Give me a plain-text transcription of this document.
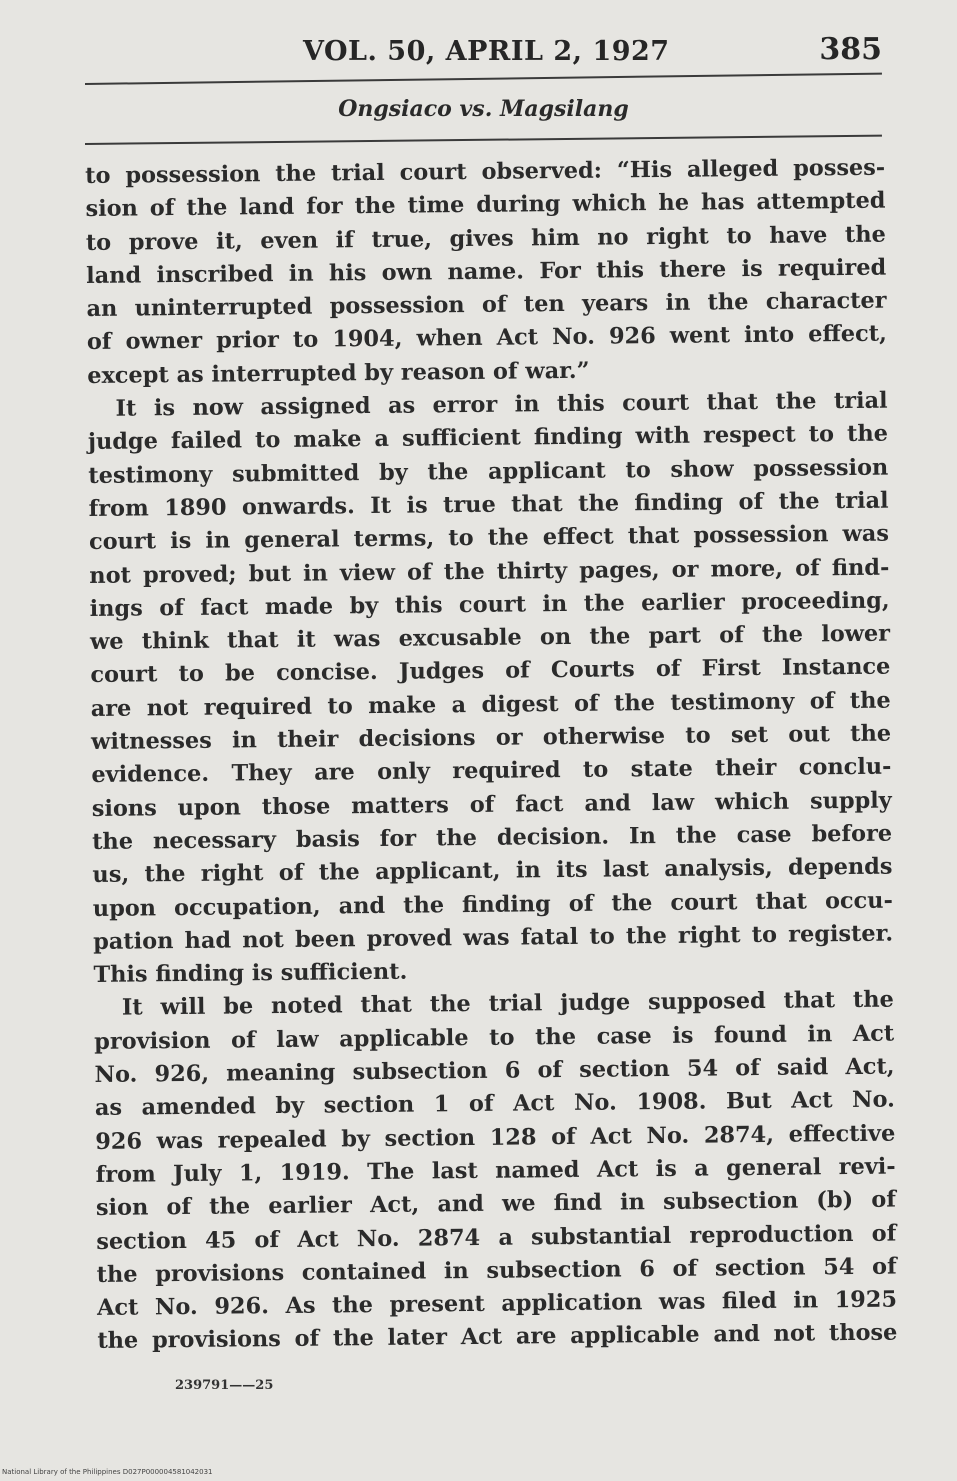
VOL. 50, APRIL 2, 1927	385
Ongsiaco vs. Magsilang
to possession the trial court observed: “His alleged posses-
sion of the land for the time during which he has attempted
to prove it, even if true, gives him no right to have the
land inscribed in his own name. For this there is required
an uninterrupted possession of ten years in the character
of owner prior to 1904, when Act No. 926 went into effect,
except as interrupted by reason of war.”
It is now assigned as error in this court that the trial
judge failed to make a sufficient finding with respect to the
testimony submitted by the applicant to show possession
from 1890 onwards. It is true that the finding of the trial
court is in general terms, to the effect that possession was
not proved; but in view of the thirty pages, or more, of find-
ings of fact made by this court in the earlier proceeding,
we think that it was excusable on the part of the lower
court to be concise. Judges of Courts of First Instance
are not required to make a digest of the testimony of the
witnesses in their decisions or otherwise to set out the
evidence. They are only required to state their conclu-
sions upon those matters of fact and law which supply
the necessary basis for the decision. In the case before
us, the right of the applicant, in its last analysis, depends
upon occupation, and the finding of the court that occu-
pation had not been proved was fatal to the right to register.
This finding is sufficient.
It will be noted that the trial judge supposed that the
provision of law applicable to the case is found in Act
No. 926, meaning subsection 6 of section 54 of said Act,
as amended by section 1 of Act No. 1908. But Act No.
926 was repealed by section 128 of Act No. 2874, effective
from July 1, 1919. The last named Act is a general revi-
sion of the earlier Act, and we find in subsection (b) of
section 45 of Act No. 2874 a substantial reproduction of
the provisions contained in subsection 6 of section 54 of
Act No. 926. As the present application was filed in 1925
the provisions of the later Act are applicable and not those
239791——25
National Library of the Philippines D027P000004581042031
